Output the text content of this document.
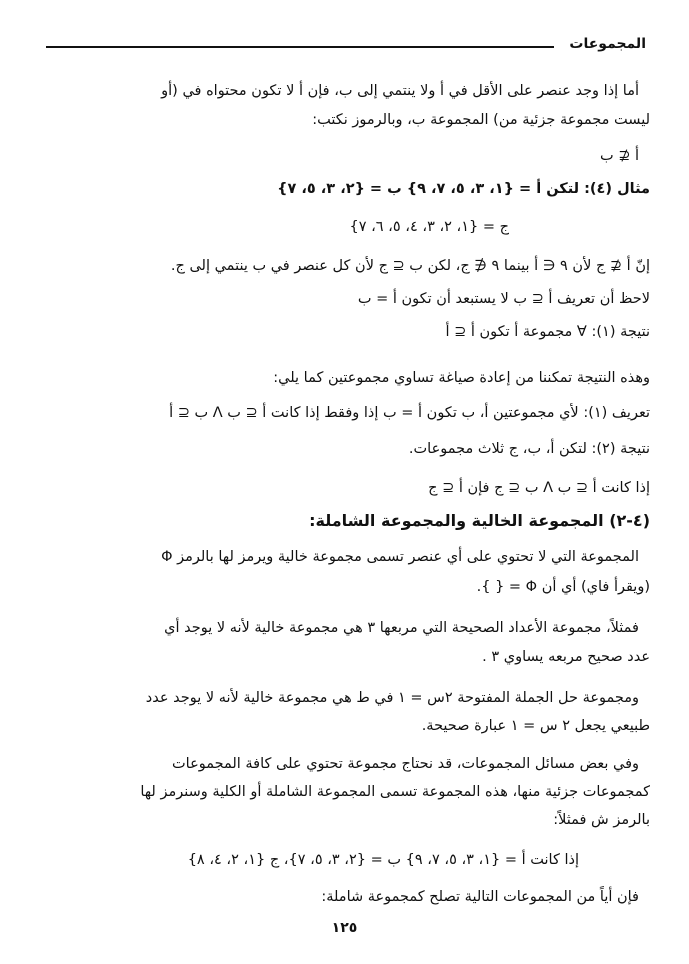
المجموعات
أما إذا وجد عنصر على الأقل في أ ولا ينتمي إلى ب، فإن أ لا تكون محتواه في (أو
ليست مجموعة جزئية من) المجموعة ب، وبالرموز نكتب:
أ ⊈ ب
مثال (٤): لتكن أ = {١، ٣، ٥، ٧، ٩} ب = {٢، ٣، ٥، ٧}
ج = {١، ٢، ٣، ٤، ٥، ٦، ٧}
إنّ أ ⊈ ج لأن ٩ ∈ أ بينما ٩ ∉ ج، لكن ب ⊆ ج لأن كل عنصر في ب ينتمي إلى ج.
لاحظ أن تعريف أ ⊆ ب لا يستبعد أن تكون أ = ب
نتيجة (١): ∀ مجموعة أ تكون أ ⊆ أ
وهذه النتيجة تمكننا من إعادة صياغة تساوي مجموعتين كما يلي:
تعريف (١): لأي مجموعتين أ، ب تكون أ = ب إذا وفقط إذا كانت أ ⊆ ب Λ ب ⊆ أ
نتيجة (٢): لتكن أ، ب، ج ثلاث مجموعات.
إذا كانت أ ⊆ ب Λ ب ⊆ ج فإن أ ⊆ ج
(٤-٢) المجموعة الخالية والمجموعة الشاملة:
المجموعة التي لا تحتوي على أي عنصر تسمى مجموعة خالية ويرمز لها بالرمز Φ
(ويقرأ فاي) أي أن Φ = { }.
فمثلاً، مجموعة الأعداد الصحيحة التي مربعها ٣ هي مجموعة خالية لأنه لا يوجد أي
عدد صحيح مربعه يساوي ٣ .
ومجموعة حل الجملة المفتوحة ٢س = ١ في ط هي مجموعة خالية لأنه لا يوجد عدد
طبيعي يجعل ٢ س = ١ عبارة صحيحة.
وفي بعض مسائل المجموعات، قد نحتاج مجموعة تحتوي على كافة المجموعات
كمجموعات جزئية منها، هذه المجموعة تسمى المجموعة الشاملة أو الكلية وسنرمز لها
بالرمز ش فمثلاً:
إذا كانت أ = {١، ٣، ٥، ٧، ٩} ب = {٢، ٣، ٥، ٧}، ج {١، ٢، ٤، ٨}
فإن أياً من المجموعات التالية تصلح كمجموعة شاملة:
١٢٥
